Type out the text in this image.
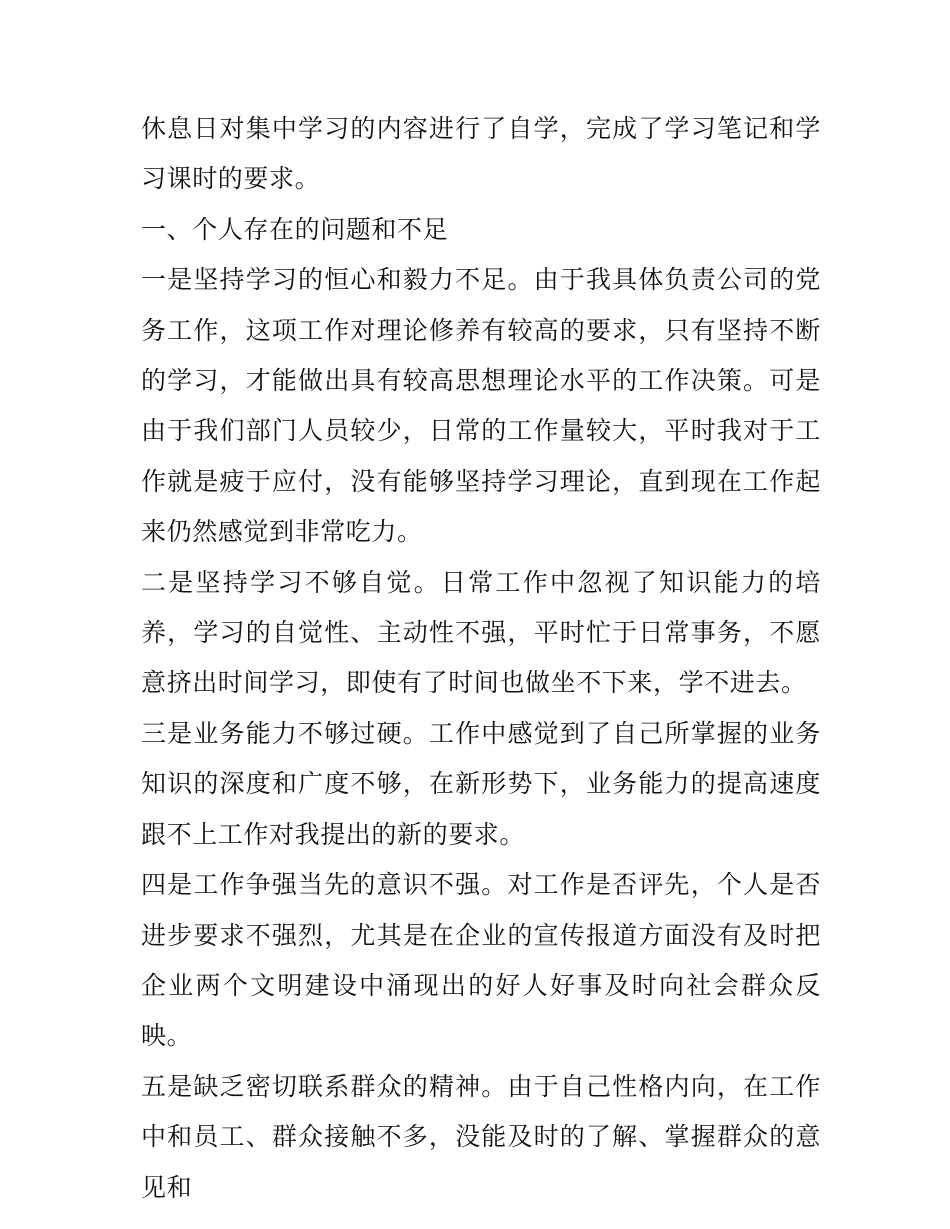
休息日对集中学习的内容进行了自学，完成了学习笔记和学习课时的要求。

一、个人存在的问题和不足

一是坚持学习的恒心和毅力不足。由于我具体负责公司的党务工作，这项工作对理论修养有较高的要求，只有坚持不断的学习，才能做出具有较高思想理论水平的工作决策。可是由于我们部门人员较少，日常的工作量较大，平时我对于工作就是疲于应付，没有能够坚持学习理论，直到现在工作起来仍然感觉到非常吃力。

二是坚持学习不够自觉。日常工作中忽视了知识能力的培养，学习的自觉性、主动性不强，平时忙于日常事务，不愿意挤出时间学习，即使有了时间也做坐不下来，学不进去。

三是业务能力不够过硬。工作中感觉到了自己所掌握的业务知识的深度和广度不够，在新形势下，业务能力的提高速度跟不上工作对我提出的新的要求。

四是工作争强当先的意识不强。对工作是否评先，个人是否进步要求不强烈，尤其是在企业的宣传报道方面没有及时把企业两个文明建设中涌现出的好人好事及时向社会群众反映。

五是缺乏密切联系群众的精神。由于自己性格内向，在工作中和员工、群众接触不多，没能及时的了解、掌握群众的意见和
